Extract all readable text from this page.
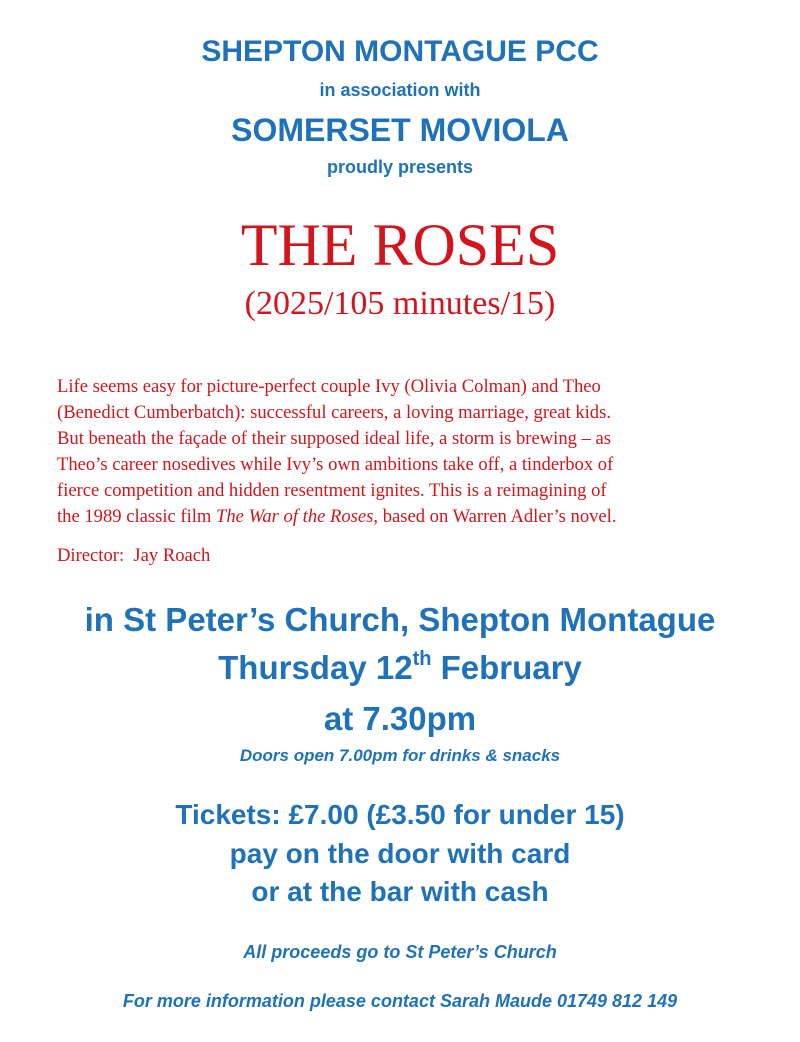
SHEPTON MONTAGUE PCC
in association with
SOMERSET MOVIOLA
proudly presents
THE ROSES
(2025/105 minutes/15)

Life seems easy for picture-perfect couple Ivy (Olivia Colman) and Theo
(Benedict Cumberbatch): successful careers, a loving marriage, great kids.
But beneath the façade of their supposed ideal life, a storm is brewing – as
Theo’s career nosedives while Ivy’s own ambitions take off, a tinderbox of
fierce competition and hidden resentment ignites. This is a reimagining of
the 1989 classic film The War of the Roses, based on Warren Adler’s novel.

Director:  Jay Roach
in St Peter’s Church, Shepton Montague
Thursday 12th February
at 7.30pm
Doors open 7.00pm for drinks & snacks
Tickets: £7.00 (£3.50 for under 15)
pay on the door with card
or at the bar with cash
All proceeds go to St Peter’s Church
For more information please contact Sarah Maude 01749 812 149
